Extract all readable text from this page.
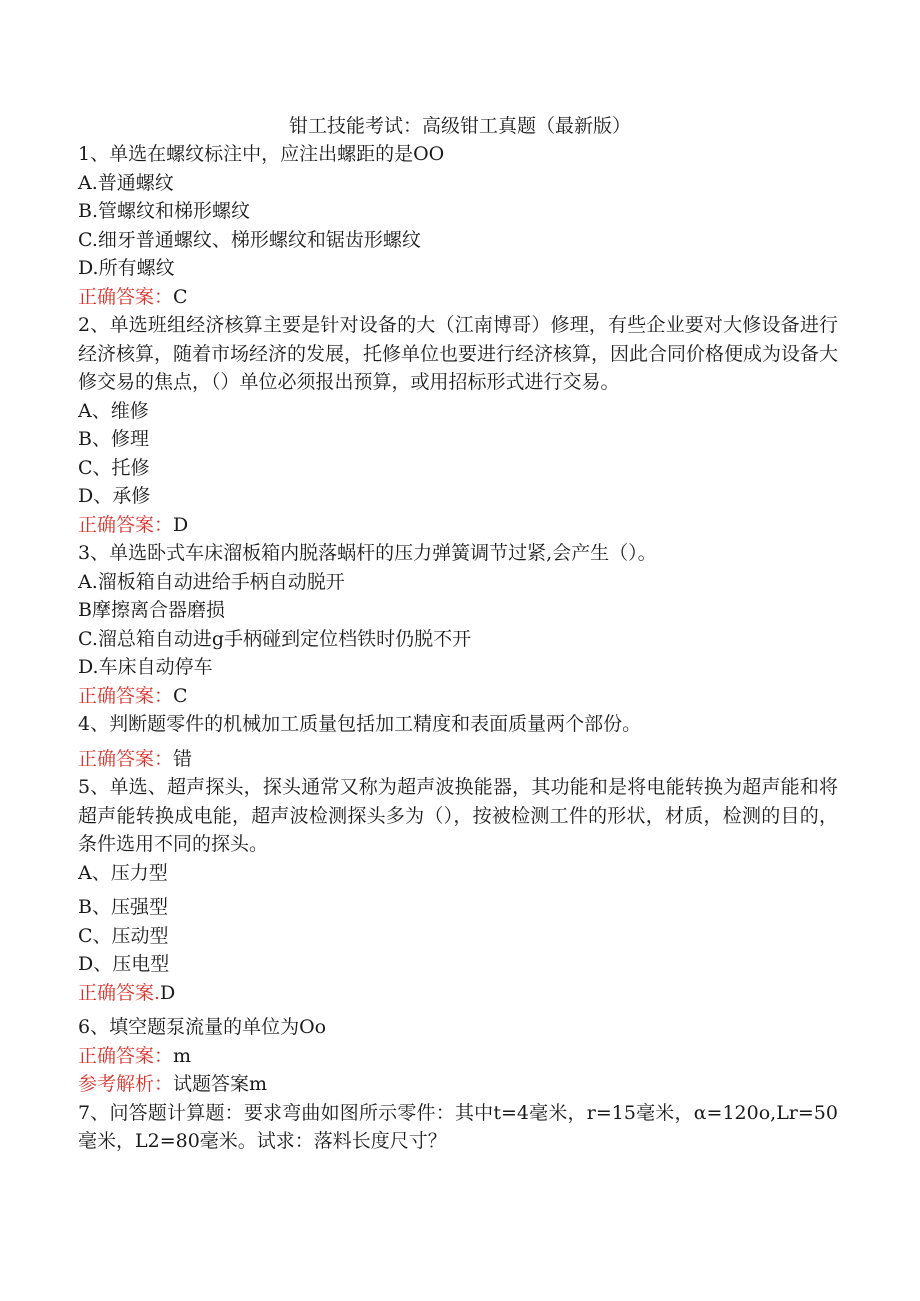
钳工技能考试：高级钳工真题（最新版）
1、单选在螺纹标注中，应注出螺距的是OO
A.普通螺纹
B.管螺纹和梯形螺纹
C.细牙普通螺纹、梯形螺纹和锯齿形螺纹
D.所有螺纹
正确答案：C
2、单选班组经济核算主要是针对设备的大（江南博哥）修理，有些企业要对大修设备进行经济核算，随着市场经济的发展，托修单位也要进行经济核算，因此合同价格便成为设备大修交易的焦点，（）单位必须报出预算，或用招标形式进行交易。
A、维修
B、修理
C、托修
D、承修
正确答案：D
3、单选卧式车床溜板箱内脱落蜗杆的压力弹簧调节过紧,会产生（）。
A.溜板箱自动进给手柄自动脱开
B摩擦离合器磨损
C.溜总箱自动进g手柄碰到定位档铁时仍脱不开
D.车床自动停车
正确答案：C
4、判断题零件的机械加工质量包括加工精度和表面质量两个部份。
正确答案：错
5、单选、超声探头，探头通常又称为超声波换能器，其功能和是将电能转换为超声能和将超声能转换成电能，超声波检测探头多为（），按被检测工件的形状，材质，检测的目的，条件选用不同的探头。
A、压力型
B、压强型
C、压动型
D、压电型
正确答案.D
6、填空题泵流量的单位为Oo
正确答案：m
参考解析：试题答案m
7、问答题计算题：要求弯曲如图所示零件：其中t=4毫米，r=15毫米，α=120o,Lr=50毫米，L2=80毫米。试求：落料长度尺寸？
